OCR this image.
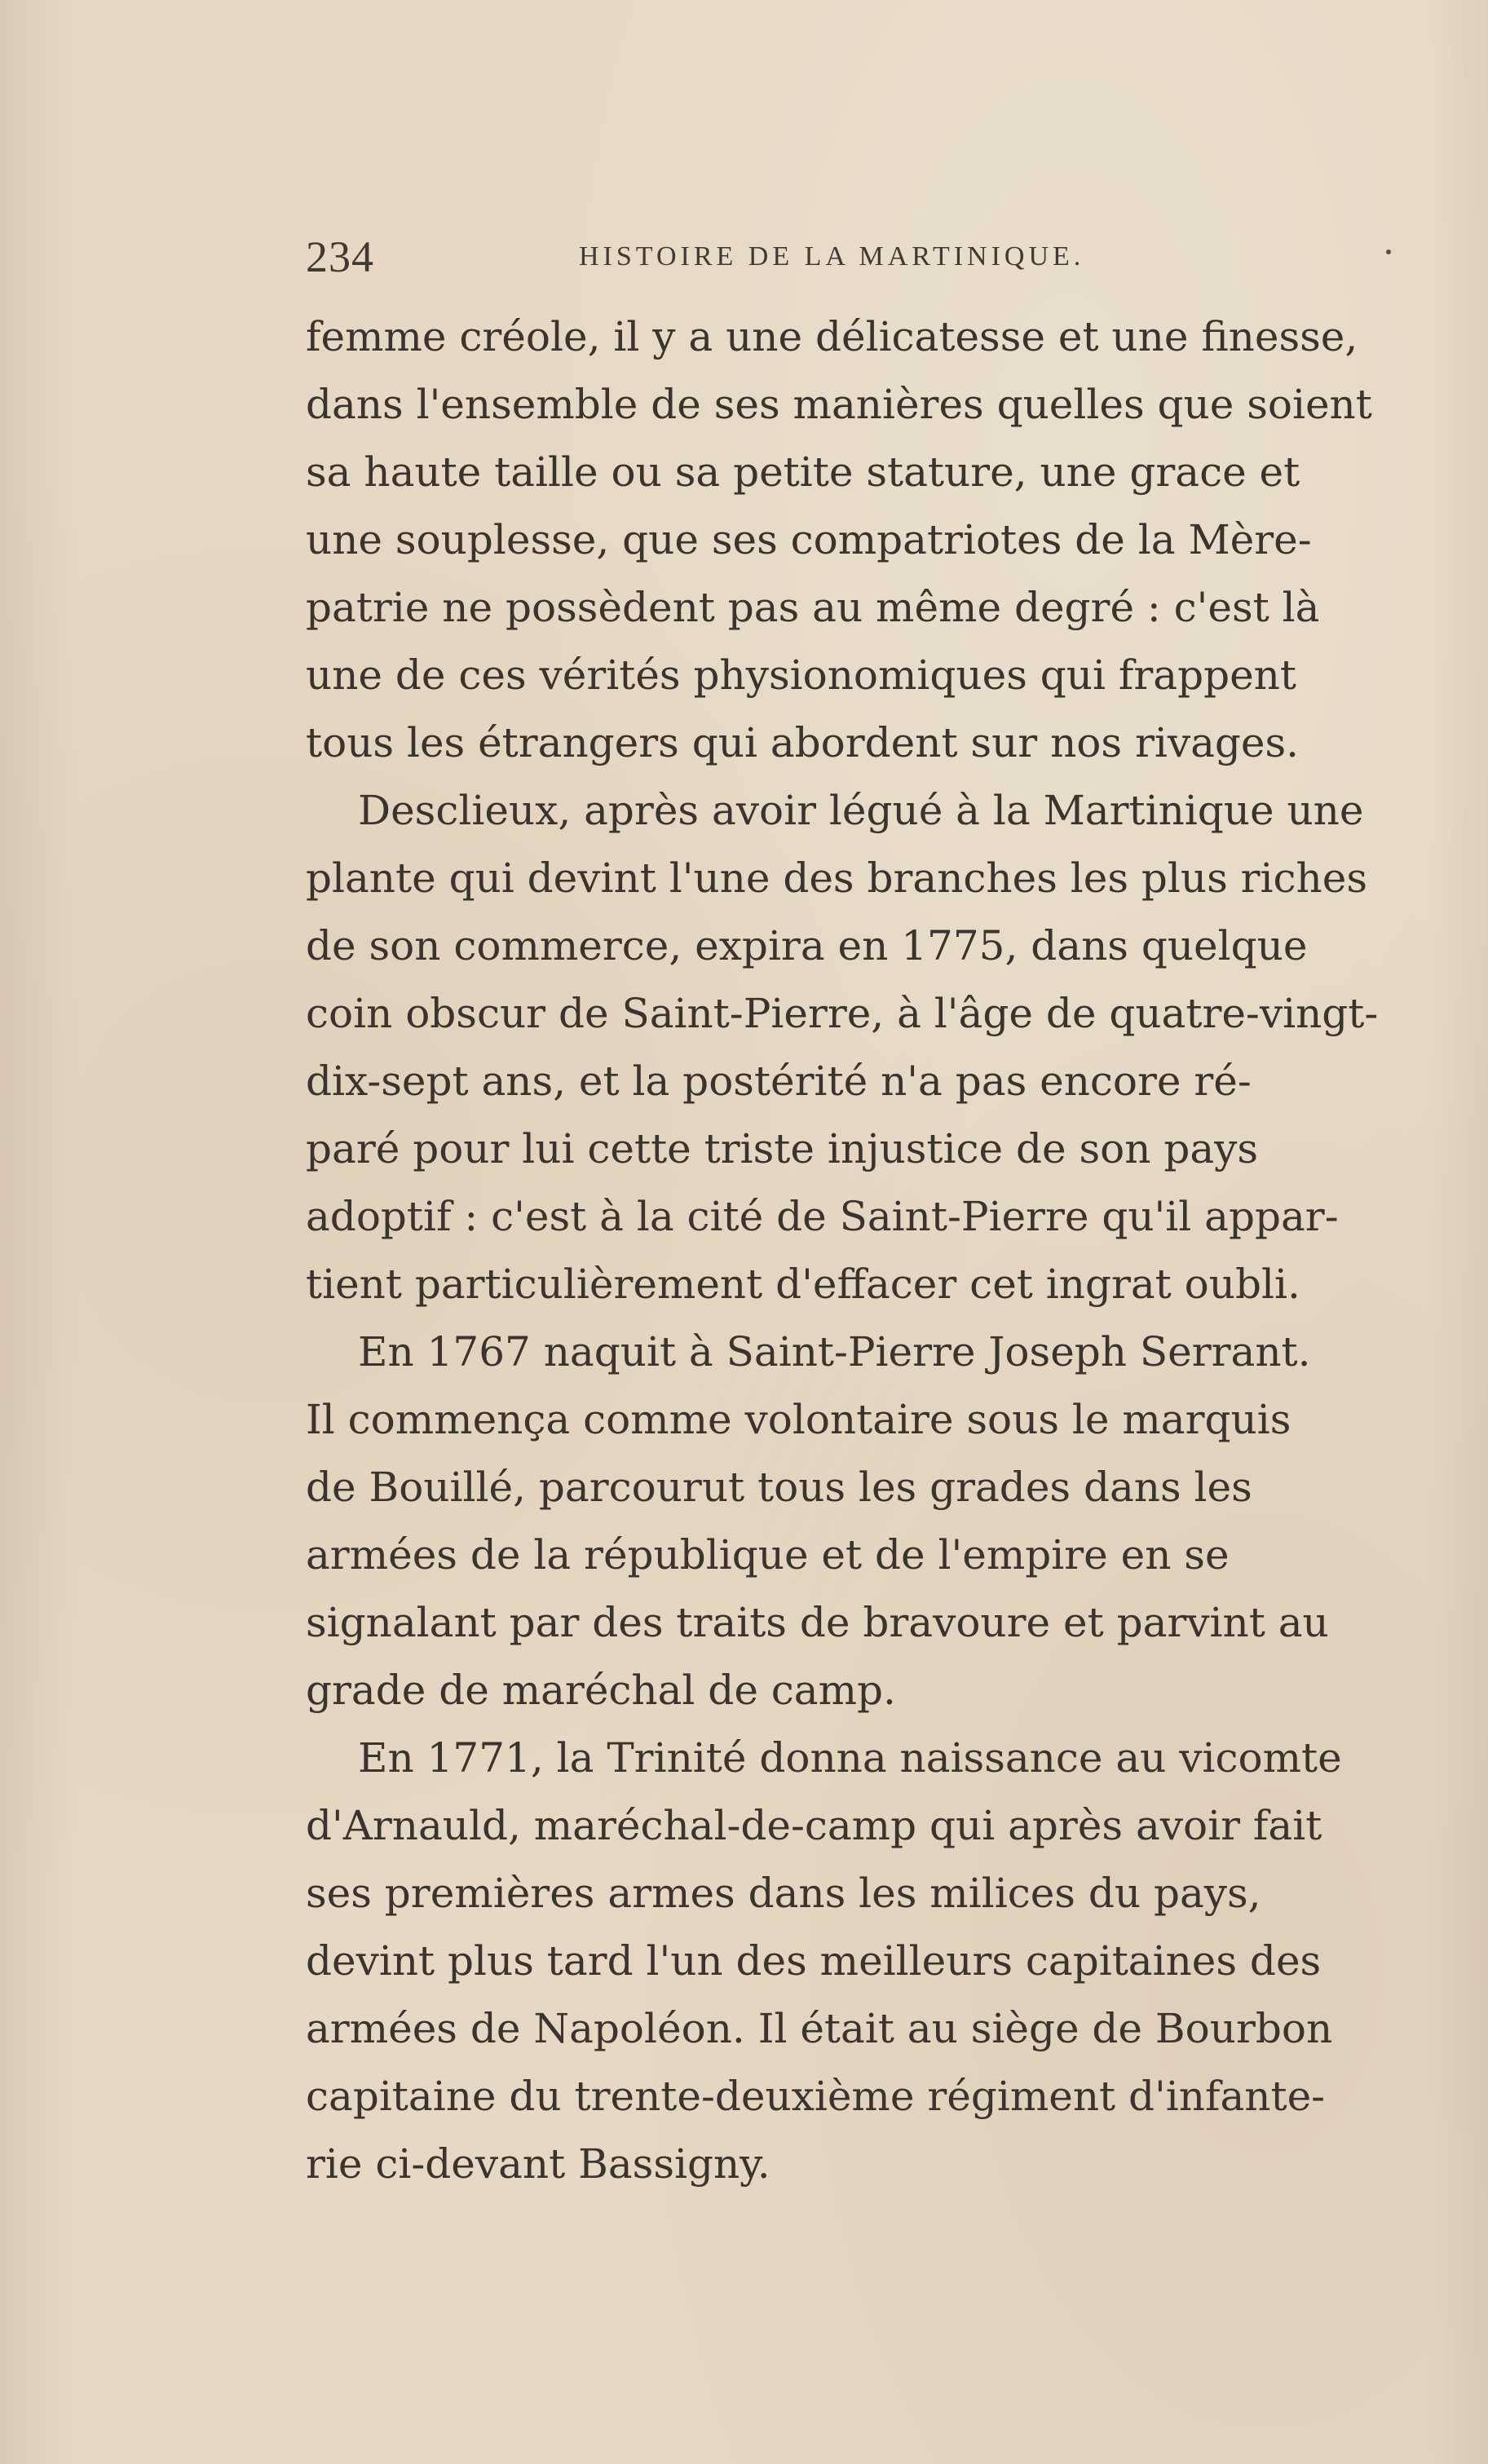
234	HISTOIRE DE LA MARTINIQUE.
femme créole, il y a une délicatesse et une finesse,
dans l'ensemble de ses manières quelles que soient
sa haute taille ou sa petite stature, une grace et
une souplesse, que ses compatriotes de la Mère-
patrie ne possèdent pas au même degré : c'est là
une de ces vérités physionomiques qui frappent
tous les étrangers qui abordent sur nos rivages.
Desclieux, après avoir légué à la Martinique une
plante qui devint l'une des branches les plus riches
de son commerce, expira en 1775, dans quelque
coin obscur de Saint-Pierre, à l'âge de quatre-vingt-
dix-sept ans, et la postérité n'a pas encore ré-
paré pour lui cette triste injustice de son pays
adoptif : c'est à la cité de Saint-Pierre qu'il appar-
tient particulièrement d'effacer cet ingrat oubli.
En 1767 naquit à Saint-Pierre Joseph Serrant.
Il commença comme volontaire sous le marquis
de Bouillé, parcourut tous les grades dans les
armées de la république et de l'empire en se
signalant par des traits de bravoure et parvint au
grade de maréchal de camp.
En 1771, la Trinité donna naissance au vicomte
d'Arnauld, maréchal-de-camp qui après avoir fait
ses premières armes dans les milices du pays,
devint plus tard l'un des meilleurs capitaines des
armées de Napoléon. Il était au siège de Bourbon
capitaine du trente-deuxième régiment d'infante-
rie ci-devant Bassigny.
